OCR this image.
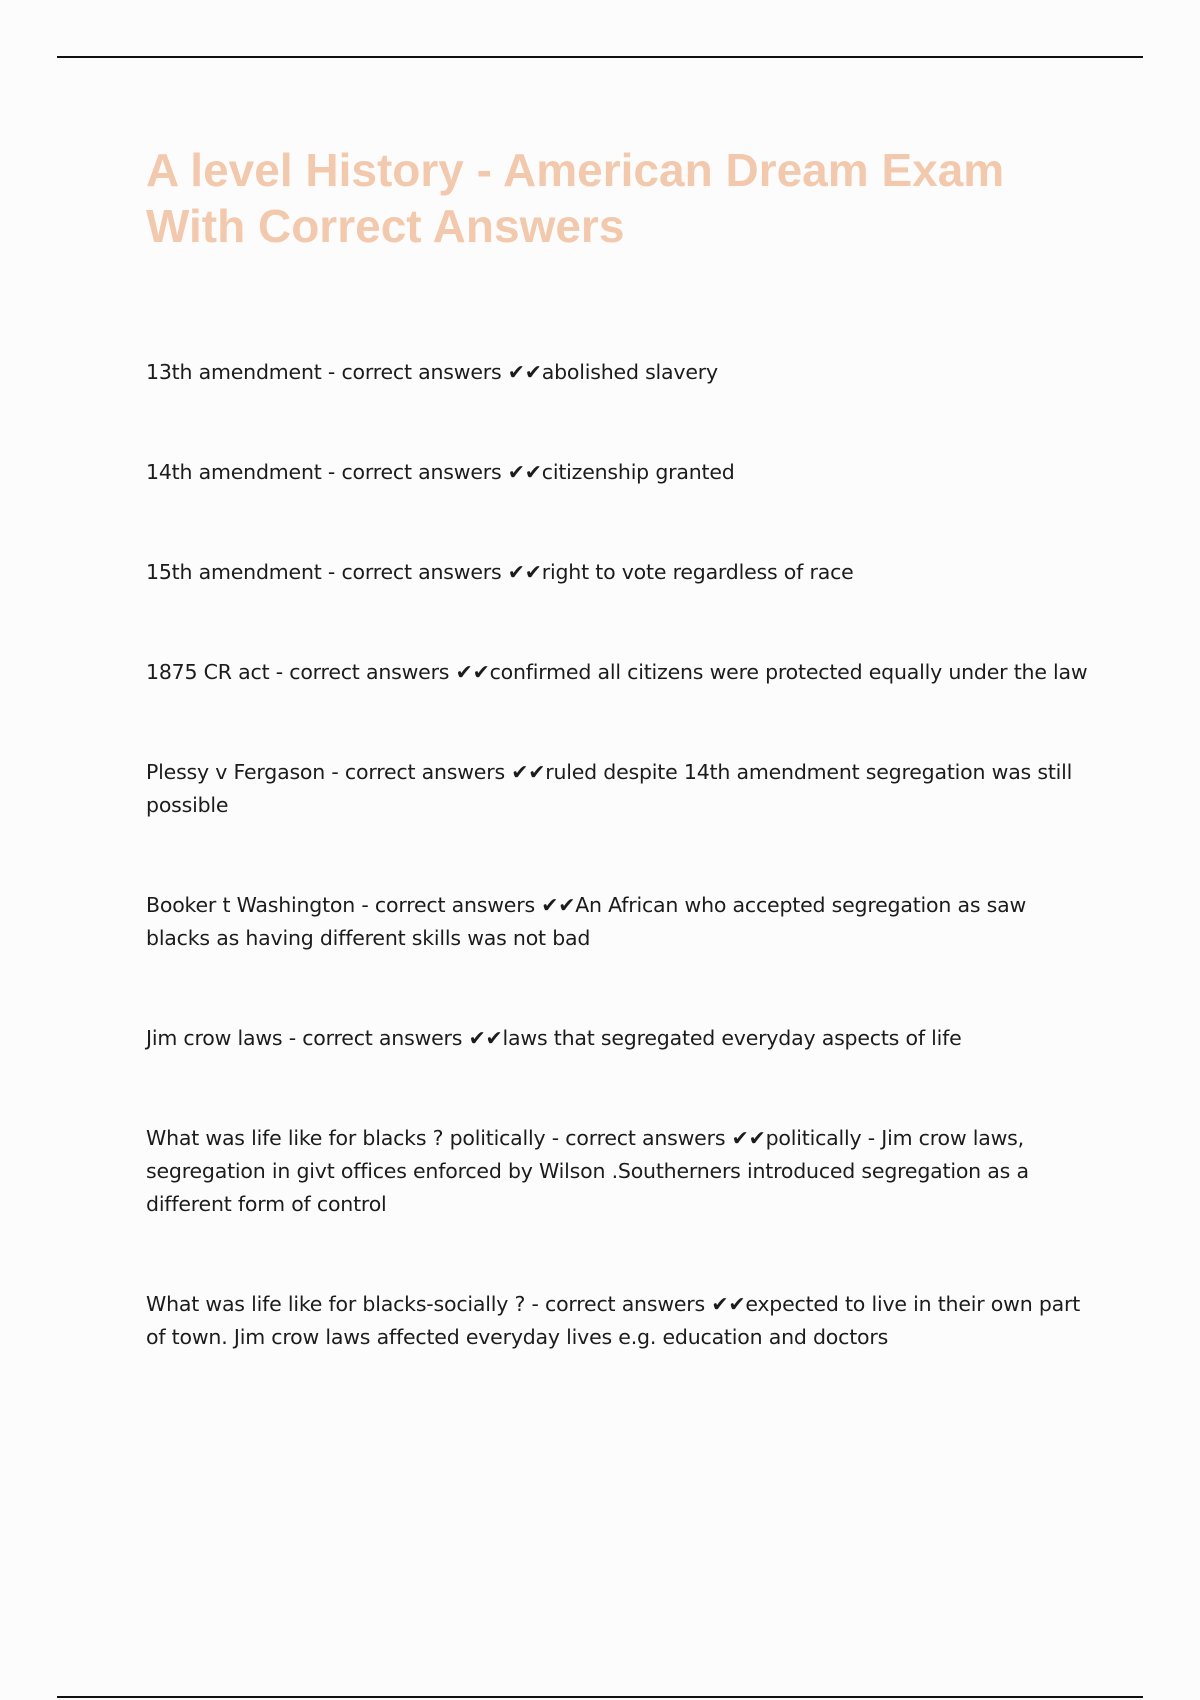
A level History - American Dream Exam With Correct Answers
13th amendment - correct answers ✔✔abolished slavery
14th amendment - correct answers ✔✔citizenship granted
15th amendment - correct answers ✔✔right to vote regardless of race
1875 CR act - correct answers ✔✔confirmed all citizens were protected equally under the law
Plessy v Fergason - correct answers ✔✔ruled despite 14th amendment segregation was still possible
Booker t Washington - correct answers ✔✔An African who accepted segregation as saw blacks as having different skills was not bad
Jim crow laws - correct answers ✔✔laws that segregated everyday aspects of life
What was life like for blacks ? politically - correct answers ✔✔politically - Jim crow laws, segregation in givt offices enforced by Wilson .Southerners introduced segregation as a different form of control
What was life like for blacks-socially ? - correct answers ✔✔expected to live in their own part of town. Jim crow laws affected everyday lives e.g. education and doctors
